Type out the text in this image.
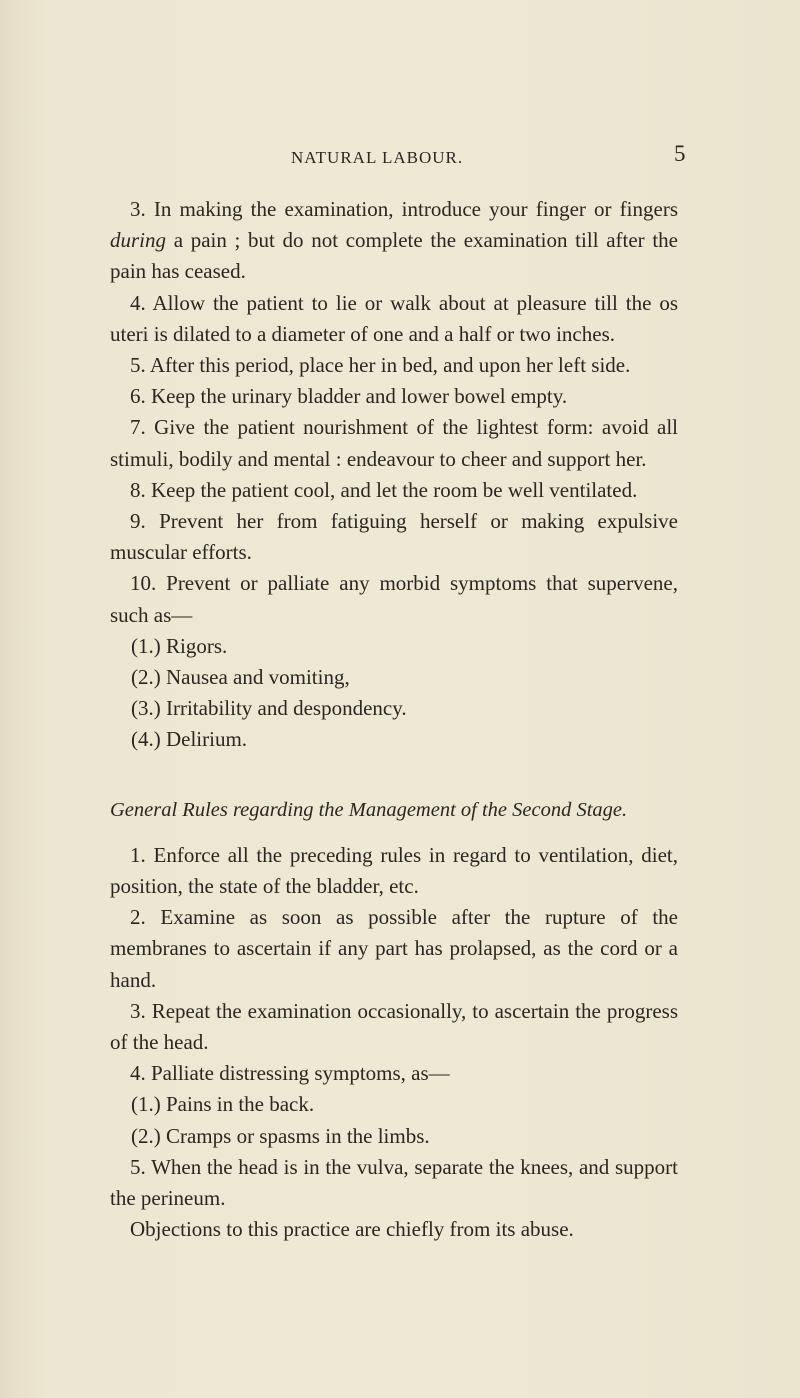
NATURAL LABOUR.	5

3. In making the examination, introduce your finger or fingers during a pain ; but do not complete the examination till after the pain has ceased.

4. Allow the patient to lie or walk about at pleasure till the os uteri is dilated to a diameter of one and a half or two inches.

5. After this period, place her in bed, and upon her left side.

6. Keep the urinary bladder and lower bowel empty.

7. Give the patient nourishment of the lightest form: avoid all stimuli, bodily and mental : endeavour to cheer and support her.

8. Keep the patient cool, and let the room be well ventilated.

9. Prevent her from fatiguing herself or making expulsive muscular efforts.

10. Prevent or palliate any morbid symptoms that supervene, such as—

(1.) Rigors.

(2.) Nausea and vomiting,

(3.) Irritability and despondency.

(4.) Delirium.

General Rules regarding the Management of the Second Stage.

1. Enforce all the preceding rules in regard to ventilation, diet, position, the state of the bladder, etc.

2. Examine as soon as possible after the rupture of the membranes to ascertain if any part has prolapsed, as the cord or a hand.

3. Repeat the examination occasionally, to ascertain the progress of the head.

4. Palliate distressing symptoms, as—

(1.) Pains in the back.

(2.) Cramps or spasms in the limbs.

5. When the head is in the vulva, separate the knees, and support the perineum.

Objections to this practice are chiefly from its abuse.
